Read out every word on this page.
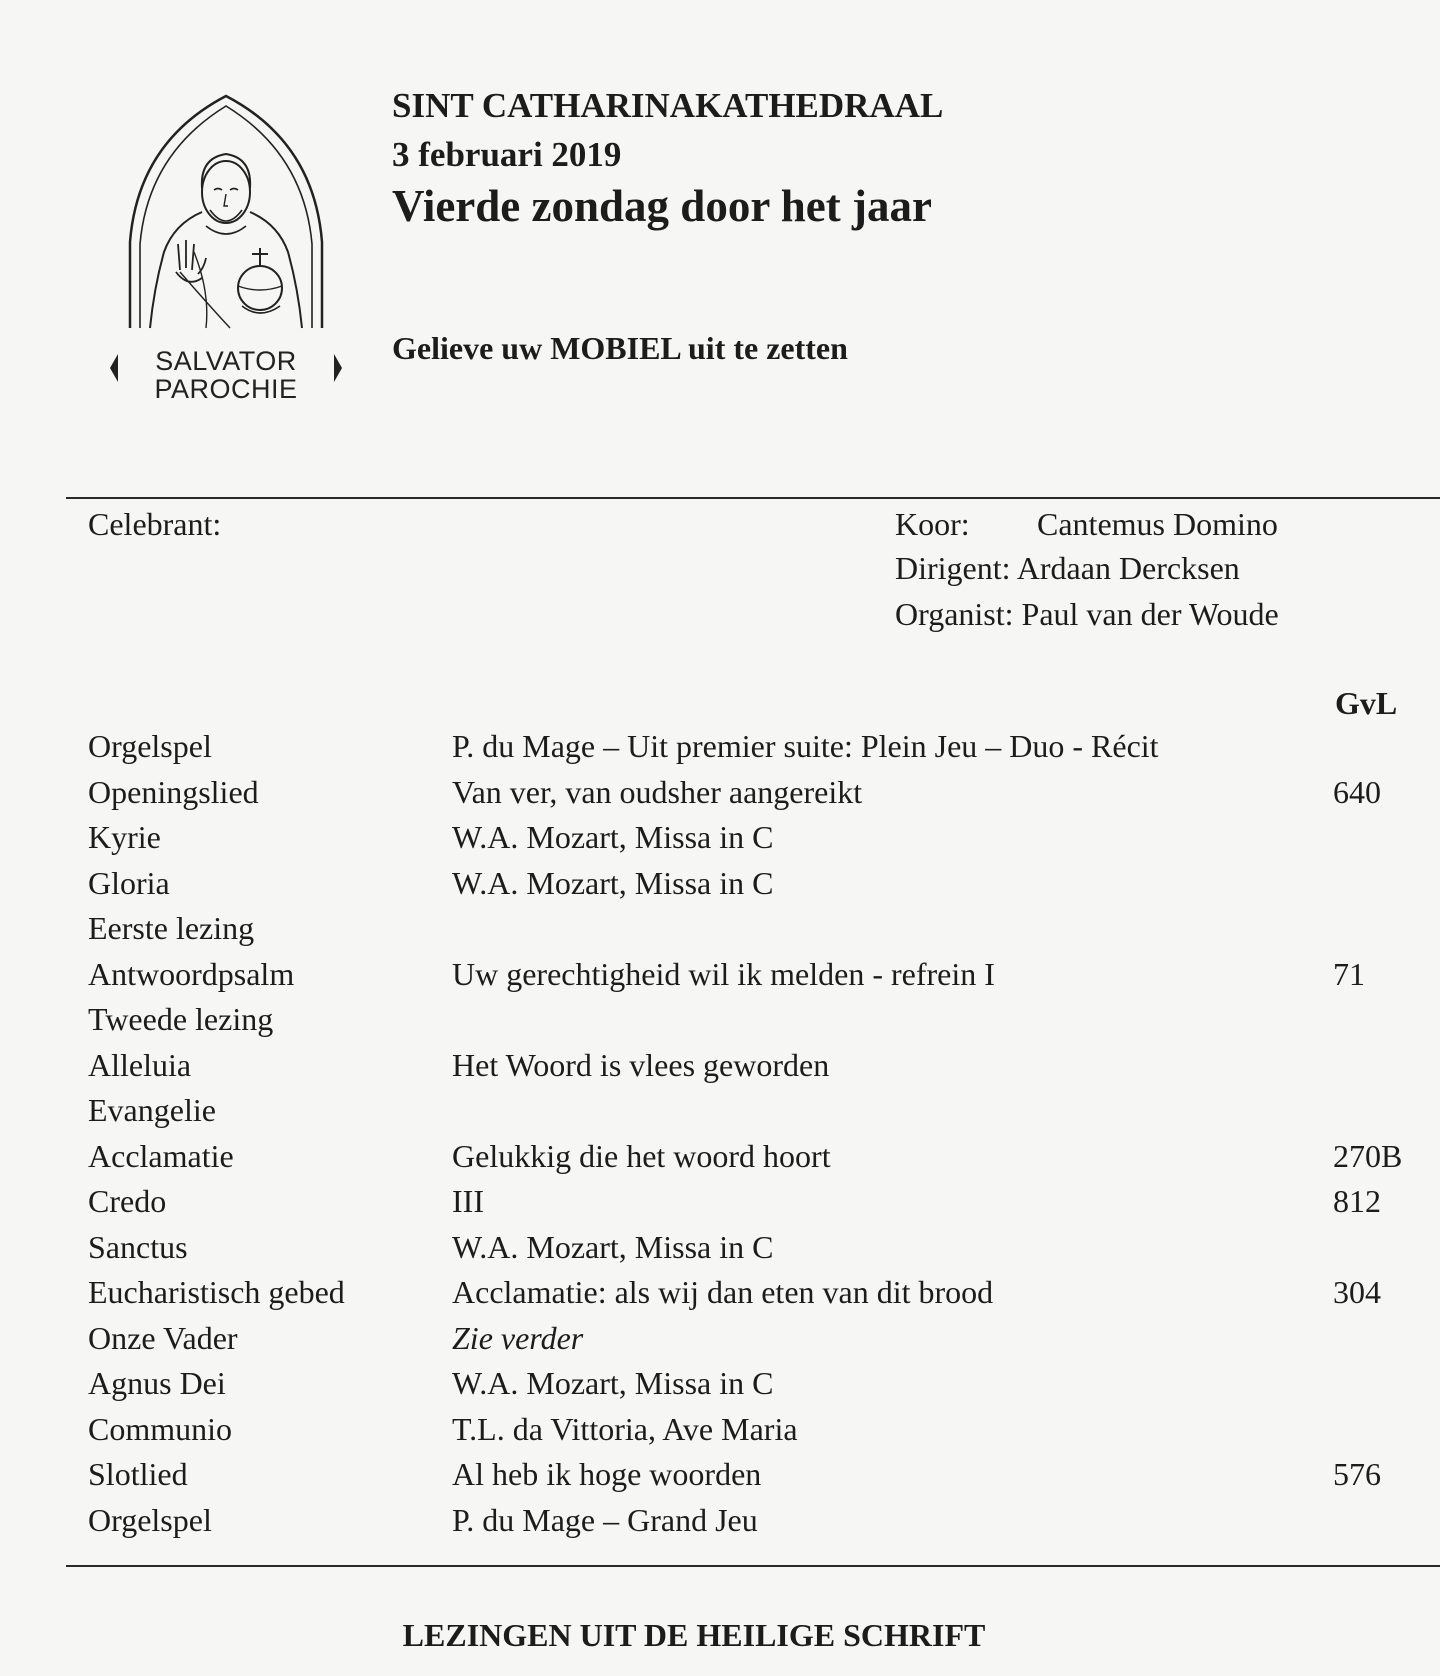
SALVATOR
PAROCHIE
SINT CATHARINAKATHEDRAAL
3 februari 2019
Vierde zondag door het jaar
Gelieve uw MOBIEL uit te zetten
Celebrant:	Koor: Cantemus Domino
Dirigent: Ardaan Dercksen
Organist: Paul van der Woude
GvL
Orgelspel	P. du Mage – Uit premier suite: Plein Jeu – Duo - Récit
Openingslied	Van ver, van oudsher aangereikt	640
Kyrie	W.A. Mozart, Missa in C
Gloria	W.A. Mozart, Missa in C
Eerste lezing
Antwoordpsalm	Uw gerechtigheid wil ik melden - refrein I	71
Tweede lezing
Alleluia	Het Woord is vlees geworden
Evangelie
Acclamatie	Gelukkig die het woord hoort	270B
Credo	III	812
Sanctus	W.A. Mozart, Missa in C
Eucharistisch gebed	Acclamatie: als wij dan eten van dit brood	304
Onze Vader	Zie verder
Agnus Dei	W.A. Mozart, Missa in C
Communio	T.L. da Vittoria, Ave Maria
Slotlied	Al heb ik hoge woorden	576
Orgelspel	P. du Mage – Grand Jeu
LEZINGEN UIT DE HEILIGE SCHRIFT
